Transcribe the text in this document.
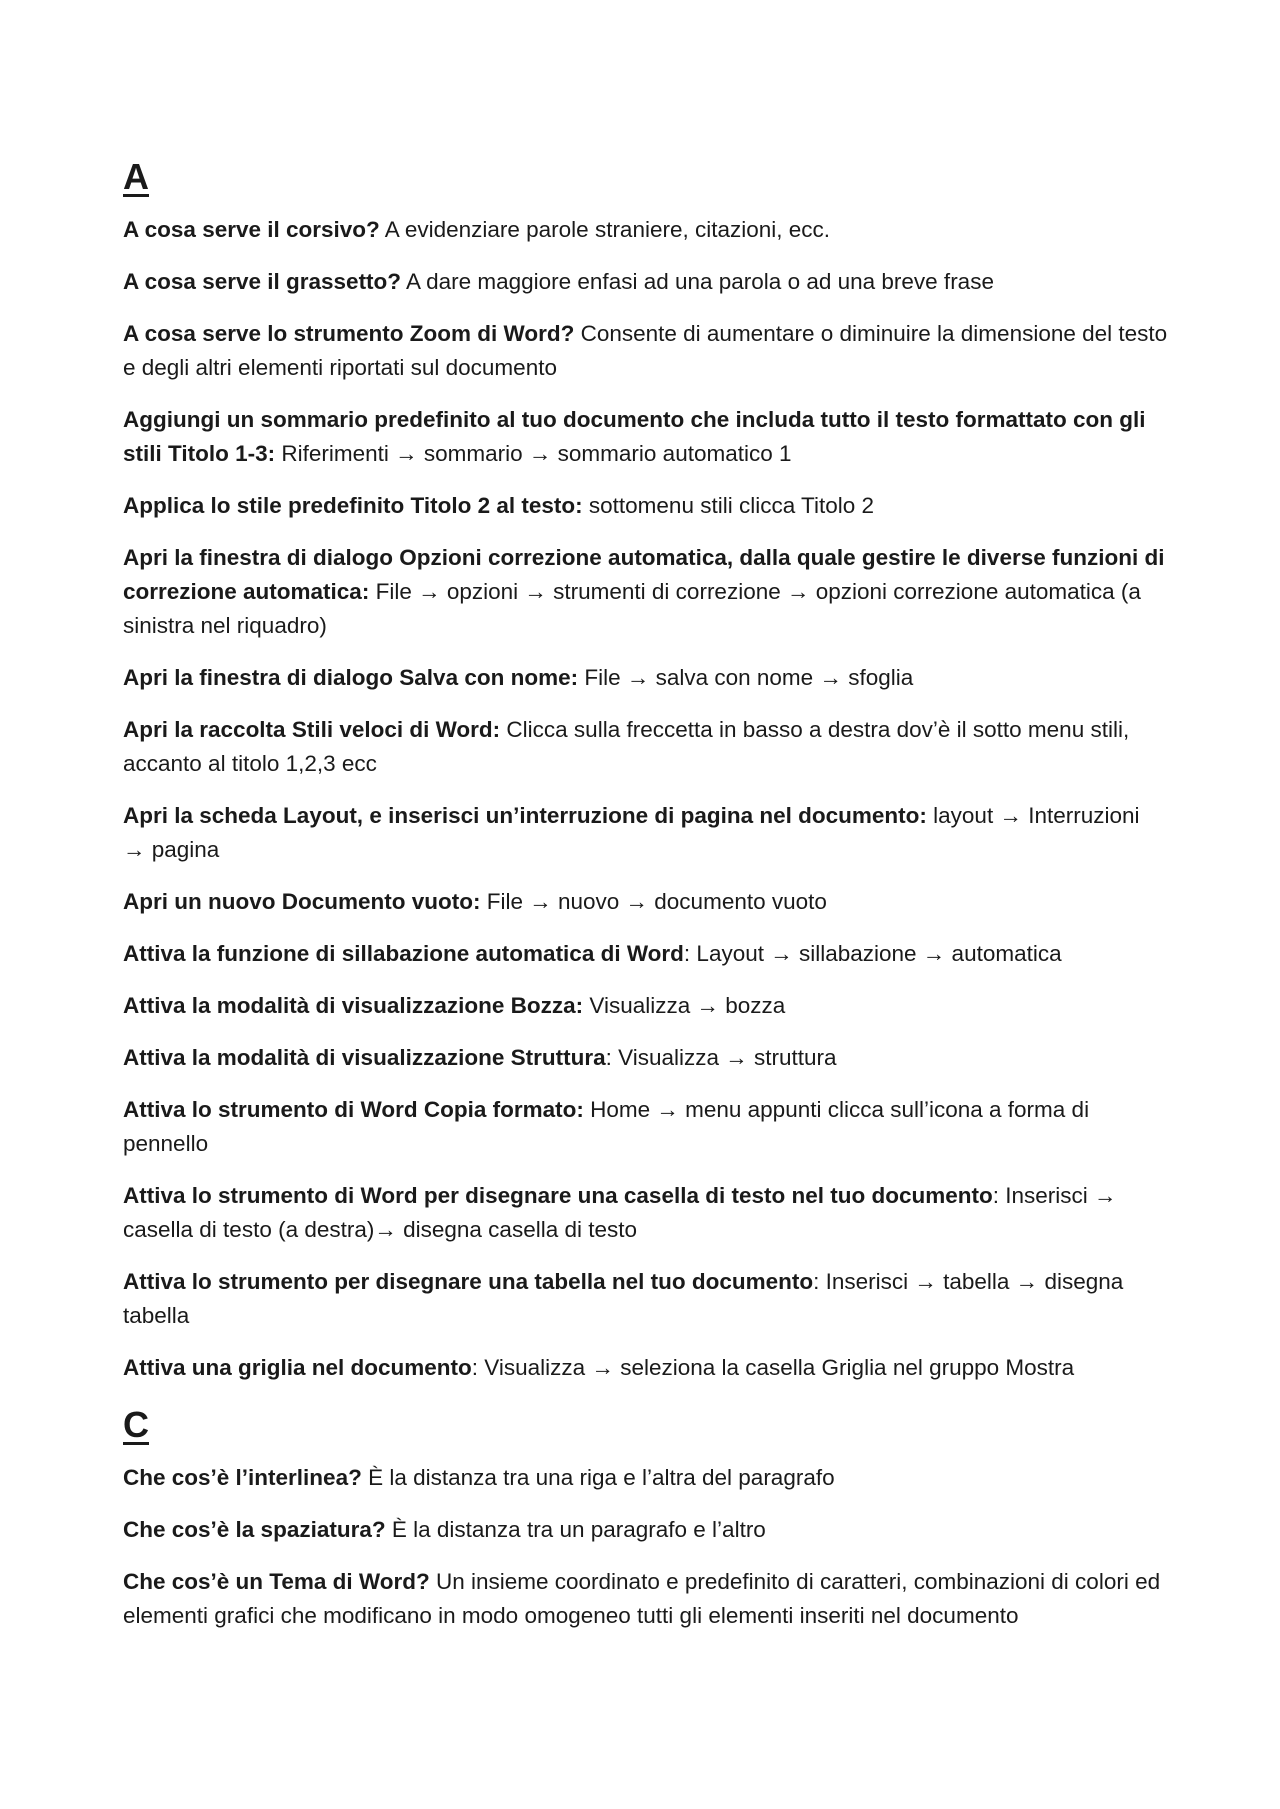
A

A cosa serve il corsivo? A evidenziare parole straniere, citazioni, ecc.

A cosa serve il grassetto? A dare maggiore enfasi ad una parola o ad una breve frase

A cosa serve lo strumento Zoom di Word? Consente di aumentare o diminuire la dimensione del testo e degli altri elementi riportati sul documento

Aggiungi un sommario predefinito al tuo documento che includa tutto il testo formattato con gli stili Titolo 1-3: Riferimenti → sommario → sommario automatico 1

Applica lo stile predefinito Titolo 2 al testo: sottomenu stili clicca Titolo 2

Apri la finestra di dialogo Opzioni correzione automatica, dalla quale gestire le diverse funzioni di correzione automatica: File → opzioni → strumenti di correzione → opzioni correzione automatica (a sinistra nel riquadro)

Apri la finestra di dialogo Salva con nome: File → salva con nome → sfoglia

Apri la raccolta Stili veloci di Word: Clicca sulla freccetta in basso a destra dov’è il sotto menu stili, accanto al titolo 1,2,3 ecc

Apri la scheda Layout, e inserisci un’interruzione di pagina nel documento: layout → Interruzioni → pagina

Apri un nuovo Documento vuoto: File → nuovo → documento vuoto

Attiva la funzione di sillabazione automatica di Word: Layout → sillabazione → automatica

Attiva la modalità di visualizzazione Bozza: Visualizza → bozza

Attiva la modalità di visualizzazione Struttura: Visualizza → struttura

Attiva lo strumento di Word Copia formato: Home → menu appunti clicca sull’icona a forma di pennello

Attiva lo strumento di Word per disegnare una casella di testo nel tuo documento: Inserisci → casella di testo (a destra)→ disegna casella di testo

Attiva lo strumento per disegnare una tabella nel tuo documento: Inserisci → tabella → disegna tabella

Attiva una griglia nel documento: Visualizza → seleziona la casella Griglia nel gruppo Mostra

C

Che cos’è l’interlinea? È la distanza tra una riga e l’altra del paragrafo

Che cos’è la spaziatura? È la distanza tra un paragrafo e l’altro

Che cos’è un Tema di Word? Un insieme coordinato e predefinito di caratteri, combinazioni di colori ed elementi grafici che modificano in modo omogeneo tutti gli elementi inseriti nel documento
